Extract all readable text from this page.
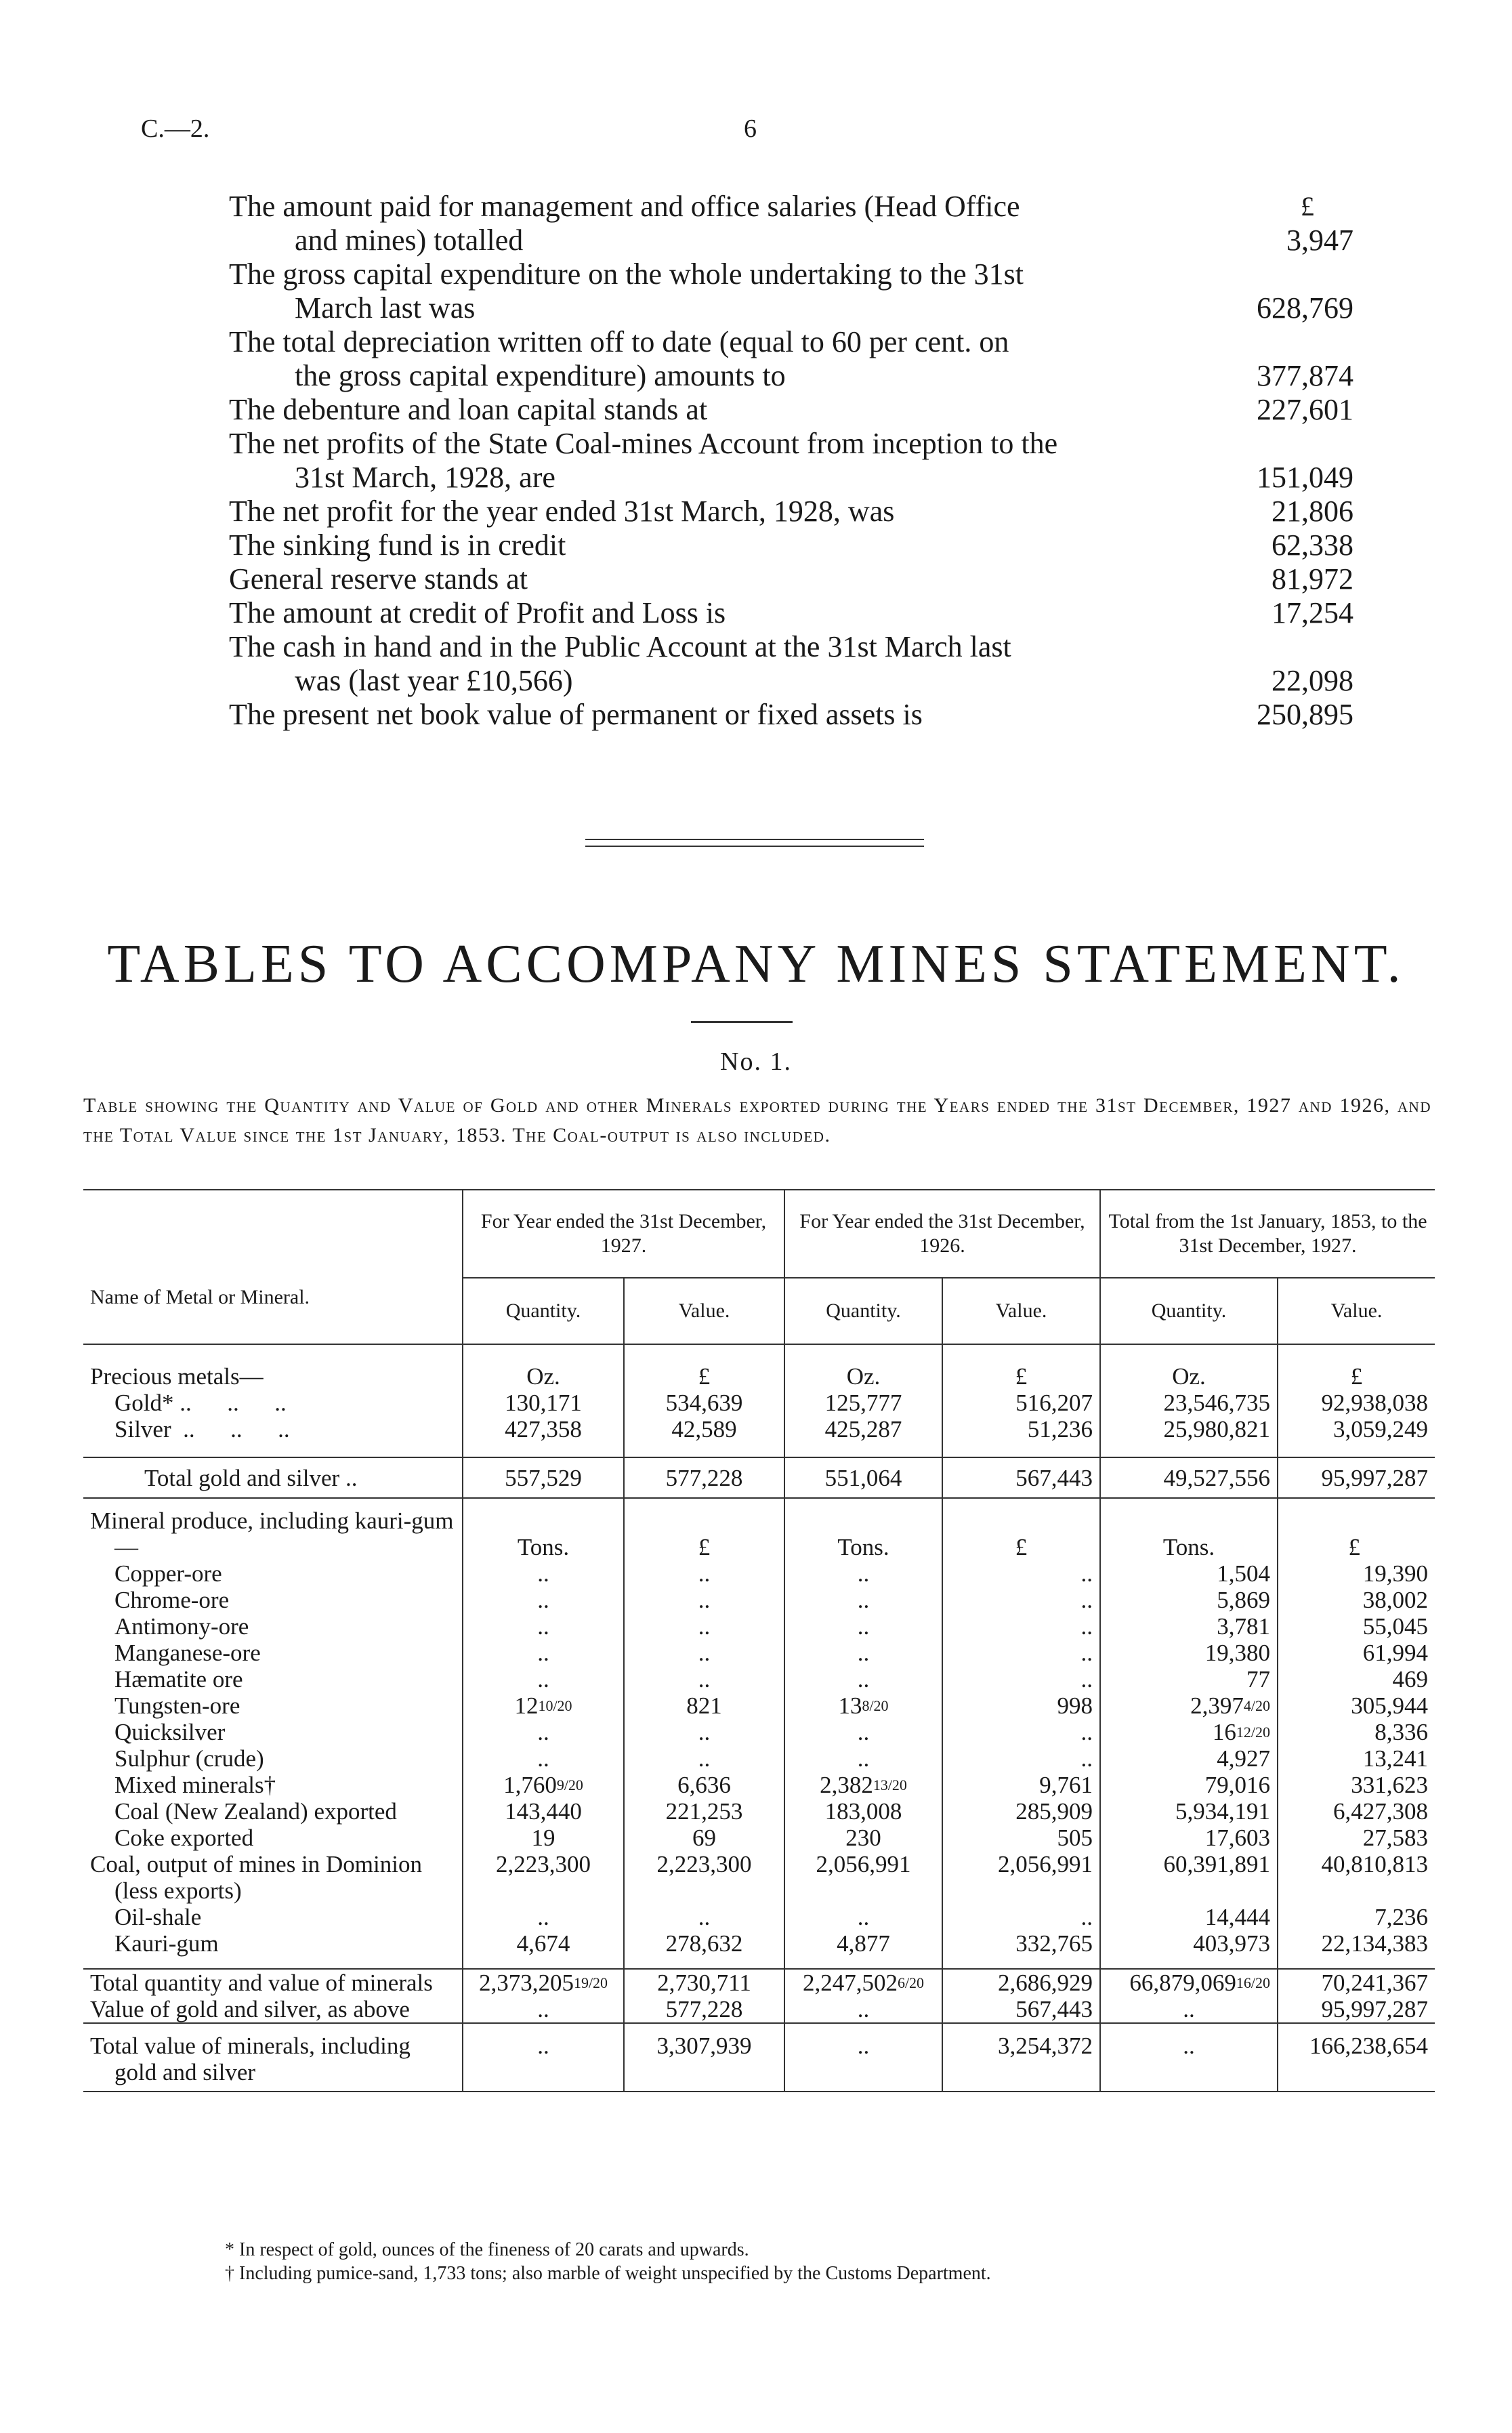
C.—2.	6
£
The amount paid for management and office salaries (Head Office
and mines) totalled	3,947
The gross capital expenditure on the whole undertaking to the 31st
March last was	628,769
The total depreciation written off to date (equal to 60 per cent. on
the gross capital expenditure) amounts to	377,874
The debenture and loan capital stands at	227,601
The net profits of the State Coal-mines Account from inception to the
31st March, 1928, are	151,049
The net profit for the year ended 31st March, 1928, was	21,806
The sinking fund is in credit	62,338
General reserve stands at	81,972
The amount at credit of Profit and Loss is	17,254
The cash in hand and in the Public Account at the 31st March last
was (last year £10,566)	22,098
The present net book value of permanent or fixed assets is	250,895
TABLES TO ACCOMPANY MINES STATEMENT.
No. 1.
Table showing the Quantity and Value of Gold and other Minerals exported during the Years ended the 31st December, 1927 and 1926, and the Total Value since the 1st January, 1853. The Coal-output is also included.
Name of Metal or Mineral.	For Year ended the 31st December, 1927.		For Year ended the 31st December, 1926.		Total from the 1st January, 1853, to the 31st December, 1927.	
	Quantity.	Value.	Quantity.	Value.	Quantity.	Value.

Precious metals—	Oz.	£	Oz.	£	Oz.	£
Gold* ..      ..      ..	130,171	534,639	125,777	516,207	23,546,735	92,938,038
Silver  ..      ..      ..	427,358	42,589	425,287	51,236	25,980,821	3,059,249

Total gold and silver ..	557,529	577,228	551,064	567,443	49,527,556	95,997,287

Mineral produce, including kauri-gum—	Tons.	£	Tons.	£	Tons.	£
Copper-ore	..	..	..	..	1,504	19,390
Chrome-ore	..	..	..	..	5,869	38,002
Antimony-ore	..	..	..	..	3,781	55,045
Manganese-ore	..	..	..	..	19,380	61,994
Hæmatite ore	..	..	..	..	77	469
Tungsten-ore	1210/20	821	138/20	998	2,3974/20	305,944
Quicksilver	..	..	..	..	1612/20	8,336
Sulphur (crude)	..	..	..	..	4,927	13,241
Mixed minerals†	1,7609/20	6,636	2,38213/20	9,761	79,016	331,623
Coal (New Zealand) exported	143,440	221,253	183,008	285,909	5,934,191	6,427,308
Coke exported	19	69	230	505	17,603	27,583
Coal, output of mines in Dominion (less exports)	2,223,300	2,223,300	2,056,991	2,056,991	60,391,891	40,810,813
Oil-shale	..	..	..	..	14,444	7,236
Kauri-gum	4,674	278,632	4,877	332,765	403,973	22,134,383

Total quantity and value of minerals	2,373,20519/20	2,730,711	2,247,5026/20	2,686,929	66,879,06916/20	70,241,367
Value of gold and silver, as above	..	577,228	..	567,443	..	95,997,287

Total value of minerals, including gold and silver	..	3,307,939	..	3,254,372	..	166,238,654
* In respect of gold, ounces of the fineness of 20 carats and upwards.
† Including pumice-sand, 1,733 tons; also marble of weight unspecified by the Customs Department.
